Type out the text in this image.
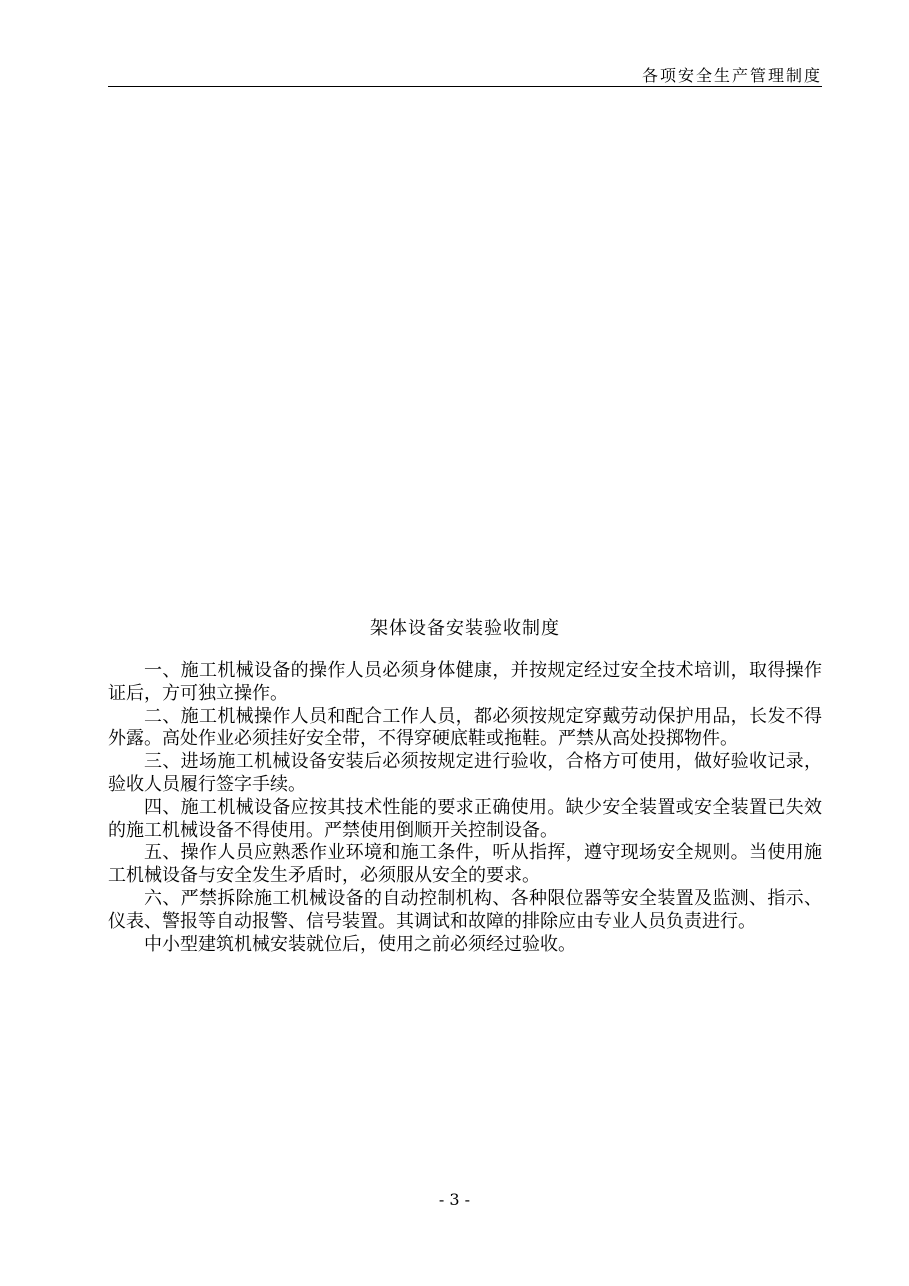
各项安全生产管理制度
架体设备安装验收制度

一、施工机械设备的操作人员必须身体健康，并按规定经过安全技术培训，取得操作证后，方可独立操作。

二、施工机械操作人员和配合工作人员，都必须按规定穿戴劳动保护用品，长发不得外露。高处作业必须挂好安全带，不得穿硬底鞋或拖鞋。严禁从高处投掷物件。

三、进场施工机械设备安装后必须按规定进行验收，合格方可使用，做好验收记录，验收人员履行签字手续。

四、施工机械设备应按其技术性能的要求正确使用。缺少安全装置或安全装置已失效的施工机械设备不得使用。严禁使用倒顺开关控制设备。

五、操作人员应熟悉作业环境和施工条件，听从指挥，遵守现场安全规则。当使用施工机械设备与安全发生矛盾时，必须服从安全的要求。

六、严禁拆除施工机械设备的自动控制机构、各种限位器等安全装置及监测、指示、仪表、警报等自动报警、信号装置。其调试和故障的排除应由专业人员负责进行。

中小型建筑机械安装就位后，使用之前必须经过验收。

- 3 -
